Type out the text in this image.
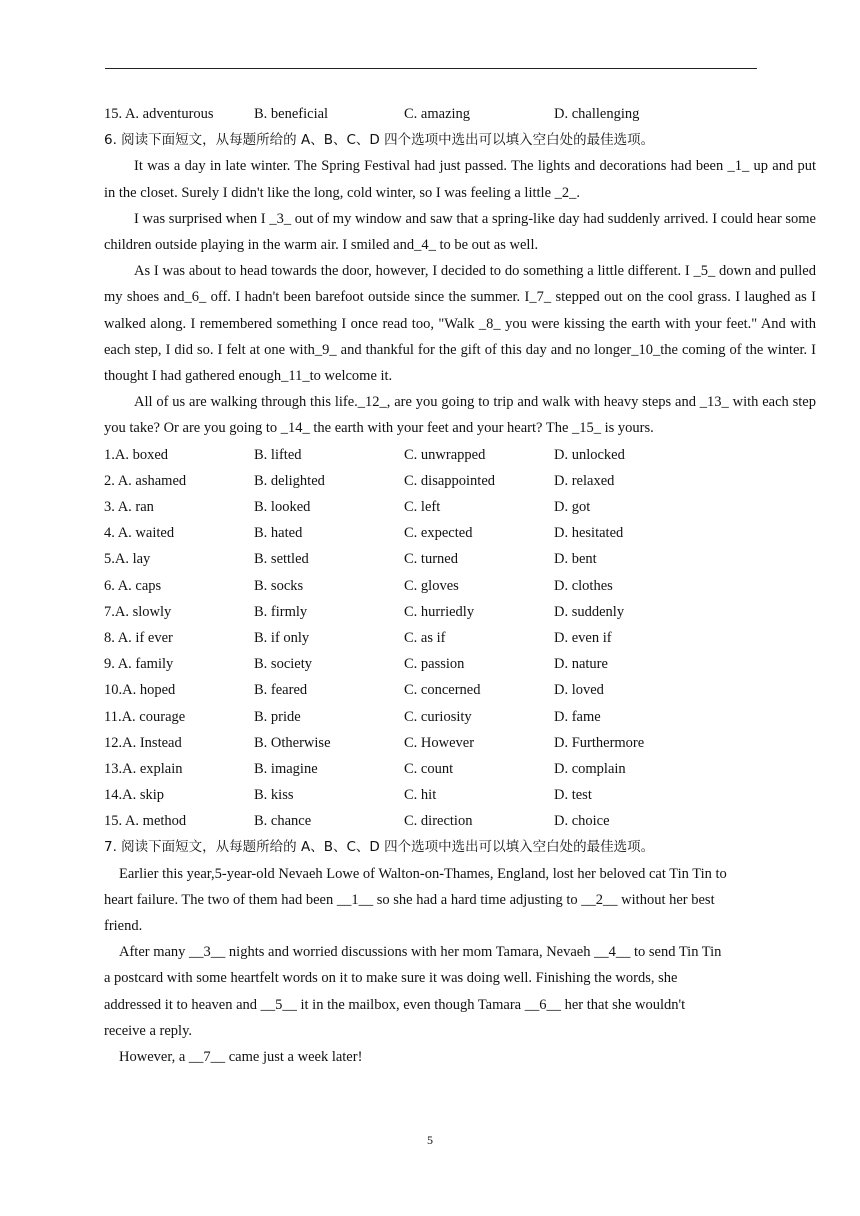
15. A. adventurous	B. beneficial	C. amazing	D. challenging
6. 阅读下面短文，从每题所给的 A、B、C、D 四个选项中选出可以填入空白处的最佳选项。
It was a day in late winter. The Spring Festival had just passed. The lights and decorations had been _1_ up and put in the closet. Surely I didn't like the long, cold winter, so I was feeling a little _2_.
I was surprised when I _3_ out of my window and saw that a spring-like day had suddenly arrived. I could hear some children outside playing in the warm air. I smiled and_4_ to be out as well.
As I was about to head towards the door, however, I decided to do something a little different. I _5_ down and pulled my shoes and_6_ off. I hadn't been barefoot outside since the summer. I_7_ stepped out on the cool grass. I laughed as I walked along. I remembered something I once read too, "Walk _8_ you were kissing the earth with your feet." And with each step, I did so. I felt at one with_9_ and thankful for the gift of this day and no longer_10_the coming of the winter. I thought I had gathered enough_11_to welcome it.
All of us are walking through this life._12_, are you going to trip and walk with heavy steps and _13_ with each step you take? Or are you going to _14_ the earth with your feet and your heart? The _15_ is yours.
1.A. boxed	B. lifted	C. unwrapped	D. unlocked
2. A. ashamed	B. delighted	C. disappointed	D. relaxed
3. A. ran	B. looked	C. left	D. got
4. A. waited	B. hated	C. expected	D. hesitated
5.A. lay	B. settled	C. turned	D. bent
6. A. caps	B. socks	C. gloves	D. clothes
7.A. slowly	B. firmly	C. hurriedly	D. suddenly
8. A. if ever	B. if only	C. as if	D. even if
9. A. family	B. society	C. passion	D. nature
10.A. hoped	B. feared	C. concerned	D. loved
11.A. courage	B. pride	C. curiosity	D. fame
12.A. Instead	B. Otherwise	C. However	D. Furthermore
13.A. explain	B. imagine	C. count	D. complain
14.A. skip	B. kiss	C. hit	D. test
15. A. method	B. chance	C. direction	D. choice
7. 阅读下面短文，从每题所给的 A、B、C、D 四个选项中选出可以填入空白处的最佳选项。
Earlier this year,5-year-old Nevaeh Lowe of Walton-on-Thames, England, lost her beloved cat Tin Tin to
heart failure. The two of them had been __1__ so she had a hard time adjusting to __2__ without her best
friend.
After many __3__ nights and worried discussions with her mom Tamara, Nevaeh __4__ to send Tin Tin
a postcard with some heartfelt words on it to make sure it was doing well. Finishing the words, she
addressed it to heaven and __5__ it in the mailbox, even though Tamara __6__ her that she wouldn't
receive a reply.
However, a __7__ came just a week later!
5
